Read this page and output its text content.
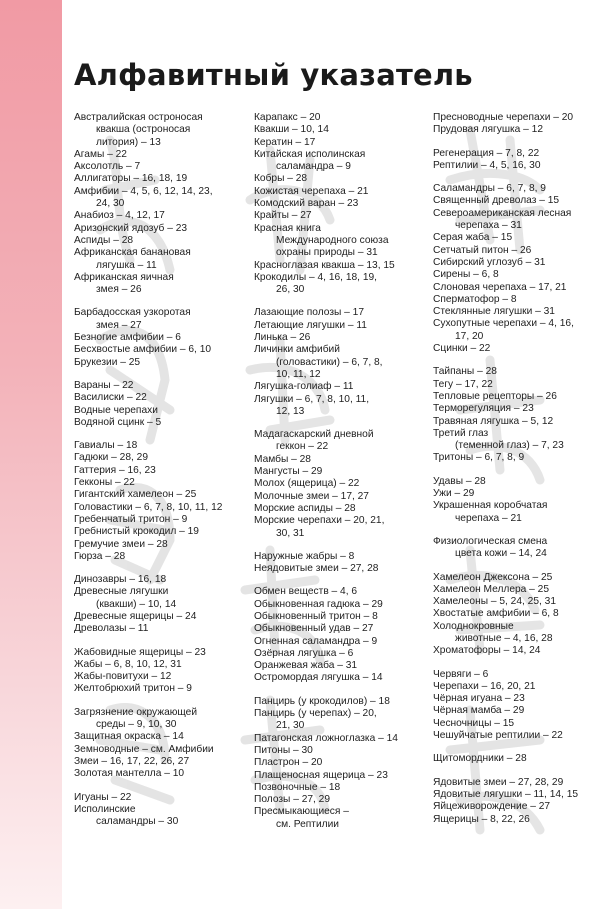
Алфавитный указатель
Австралийская остроносая
квакша (остроносая
литория) – 13
Агамы – 22
Аксолотль – 7
Аллигаторы – 16, 18, 19
Амфибии – 4, 5, 6, 12, 14, 23,
24, 30
Анабиоз – 4, 12, 17
Аризонский ядозуб – 23
Аспиды – 28
Африканская банановая
лягушка – 11
Африканская яичная
змея – 26
Барбадосская узкоротая
змея – 27
Безногие амфибии – 6
Бесхвостые амфибии – 6, 10
Брукезии – 25
Вараны – 22
Василиски – 22
Водные черепахи
Водяной сцинк – 5
Гавиалы – 18
Гадюки – 28, 29
Гаттерия – 16, 23
Гекконы – 22
Гигантский хамелеон – 25
Головастики – 6, 7, 8, 10, 11, 12
Гребенчатый тритон – 9
Гребнистый крокодил – 19
Гремучие змеи – 28
Гюрза – 28
Динозавры – 16, 18
Древесные лягушки
(квакши) – 10, 14
Древесные ящерицы – 24
Древолазы – 11
Жабовидные ящерицы – 23
Жабы – 6, 8, 10, 12, 31
Жабы-повитухи – 12
Желтобрюхий тритон – 9
Загрязнение окружающей
среды – 9, 10, 30
Защитная окраска – 14
Земноводные – см. Амфибии
Змеи – 16, 17, 22, 26, 27
Золотая мантелла – 10
Игуаны – 22
Исполинские
саламандры – 30
Карапакс – 20
Квакши – 10, 14
Кератин – 17
Китайская исполинская
саламандра – 9
Кобры – 28
Кожистая черепаха – 21
Комодский варан – 23
Крайты – 27
Красная книга
Международного союза
охраны природы – 31
Красноглазая квакша – 13, 15
Крокодилы – 4, 16, 18, 19,
26, 30
Лазающие полозы – 17
Летающие лягушки – 11
Линька – 26
Личинки амфибий
(головастики) – 6, 7, 8,
10, 11, 12
Лягушка-голиаф – 11
Лягушки – 6, 7, 8, 10, 11,
12, 13
Мадагаскарский дневной
геккон – 22
Мамбы – 28
Мангусты – 29
Молох (ящерица) – 22
Молочные змеи – 17, 27
Морские аспиды – 28
Морские черепахи – 20, 21,
30, 31
Наружные жабры – 8
Неядовитые змеи – 27, 28
Обмен веществ – 4, 6
Обыкновенная гадюка – 29
Обыкновенный тритон – 8
Обыкновенный удав – 27
Огненная саламандра – 9
Озёрная лягушка – 6
Оранжевая жаба – 31
Остромордая лягушка – 14
Панцирь (у крокодилов) – 18
Панцирь (у черепах) – 20,
21, 30
Патагонская ложноглазка – 14
Питоны – 30
Пластрон – 20
Плащеносная ящерица – 23
Позвоночные – 18
Полозы – 27, 29
Пресмыкающиеся –
см. Рептилии
Пресноводные черепахи – 20
Прудовая лягушка – 12
Регенерация – 7, 8, 22
Рептилии – 4, 5, 16, 30
Саламандры – 6, 7, 8, 9
Священный древолаз – 15
Североамериканская лесная
черепаха – 31
Серая жаба – 15
Сетчатый питон – 26
Сибирский углозуб – 31
Сирены – 6, 8
Слоновая черепаха – 17, 21
Сперматофор – 8
Стеклянные лягушки – 31
Сухопутные черепахи – 4, 16,
17, 20
Сцинки – 22
Тайпаны – 28
Тегу – 17, 22
Тепловые рецепторы – 26
Терморегуляция – 23
Травяная лягушка – 5, 12
Третий глаз
(теменной глаз) – 7, 23
Тритоны – 6, 7, 8, 9
Удавы – 28
Ужи – 29
Украшенная коробчатая
черепаха – 21
Физиологическая смена
цвета кожи – 14, 24
Хамелеон Джексона – 25
Хамелеон Меллера – 25
Хамелеоны – 5, 24, 25, 31
Хвостатые амфибии – 6, 8
Холоднокровные
животные – 4, 16, 28
Хроматофоры – 14, 24
Червяги – 6
Черепахи – 16, 20, 21
Чёрная игуана – 23
Чёрная мамба – 29
Чесночницы – 15
Чешуйчатые рептилии – 22
Щитомордники – 28
Ядовитые змеи – 27, 28, 29
Ядовитые лягушки – 11, 14, 15
Яйцеживорождение – 27
Ящерицы – 8, 22, 26
